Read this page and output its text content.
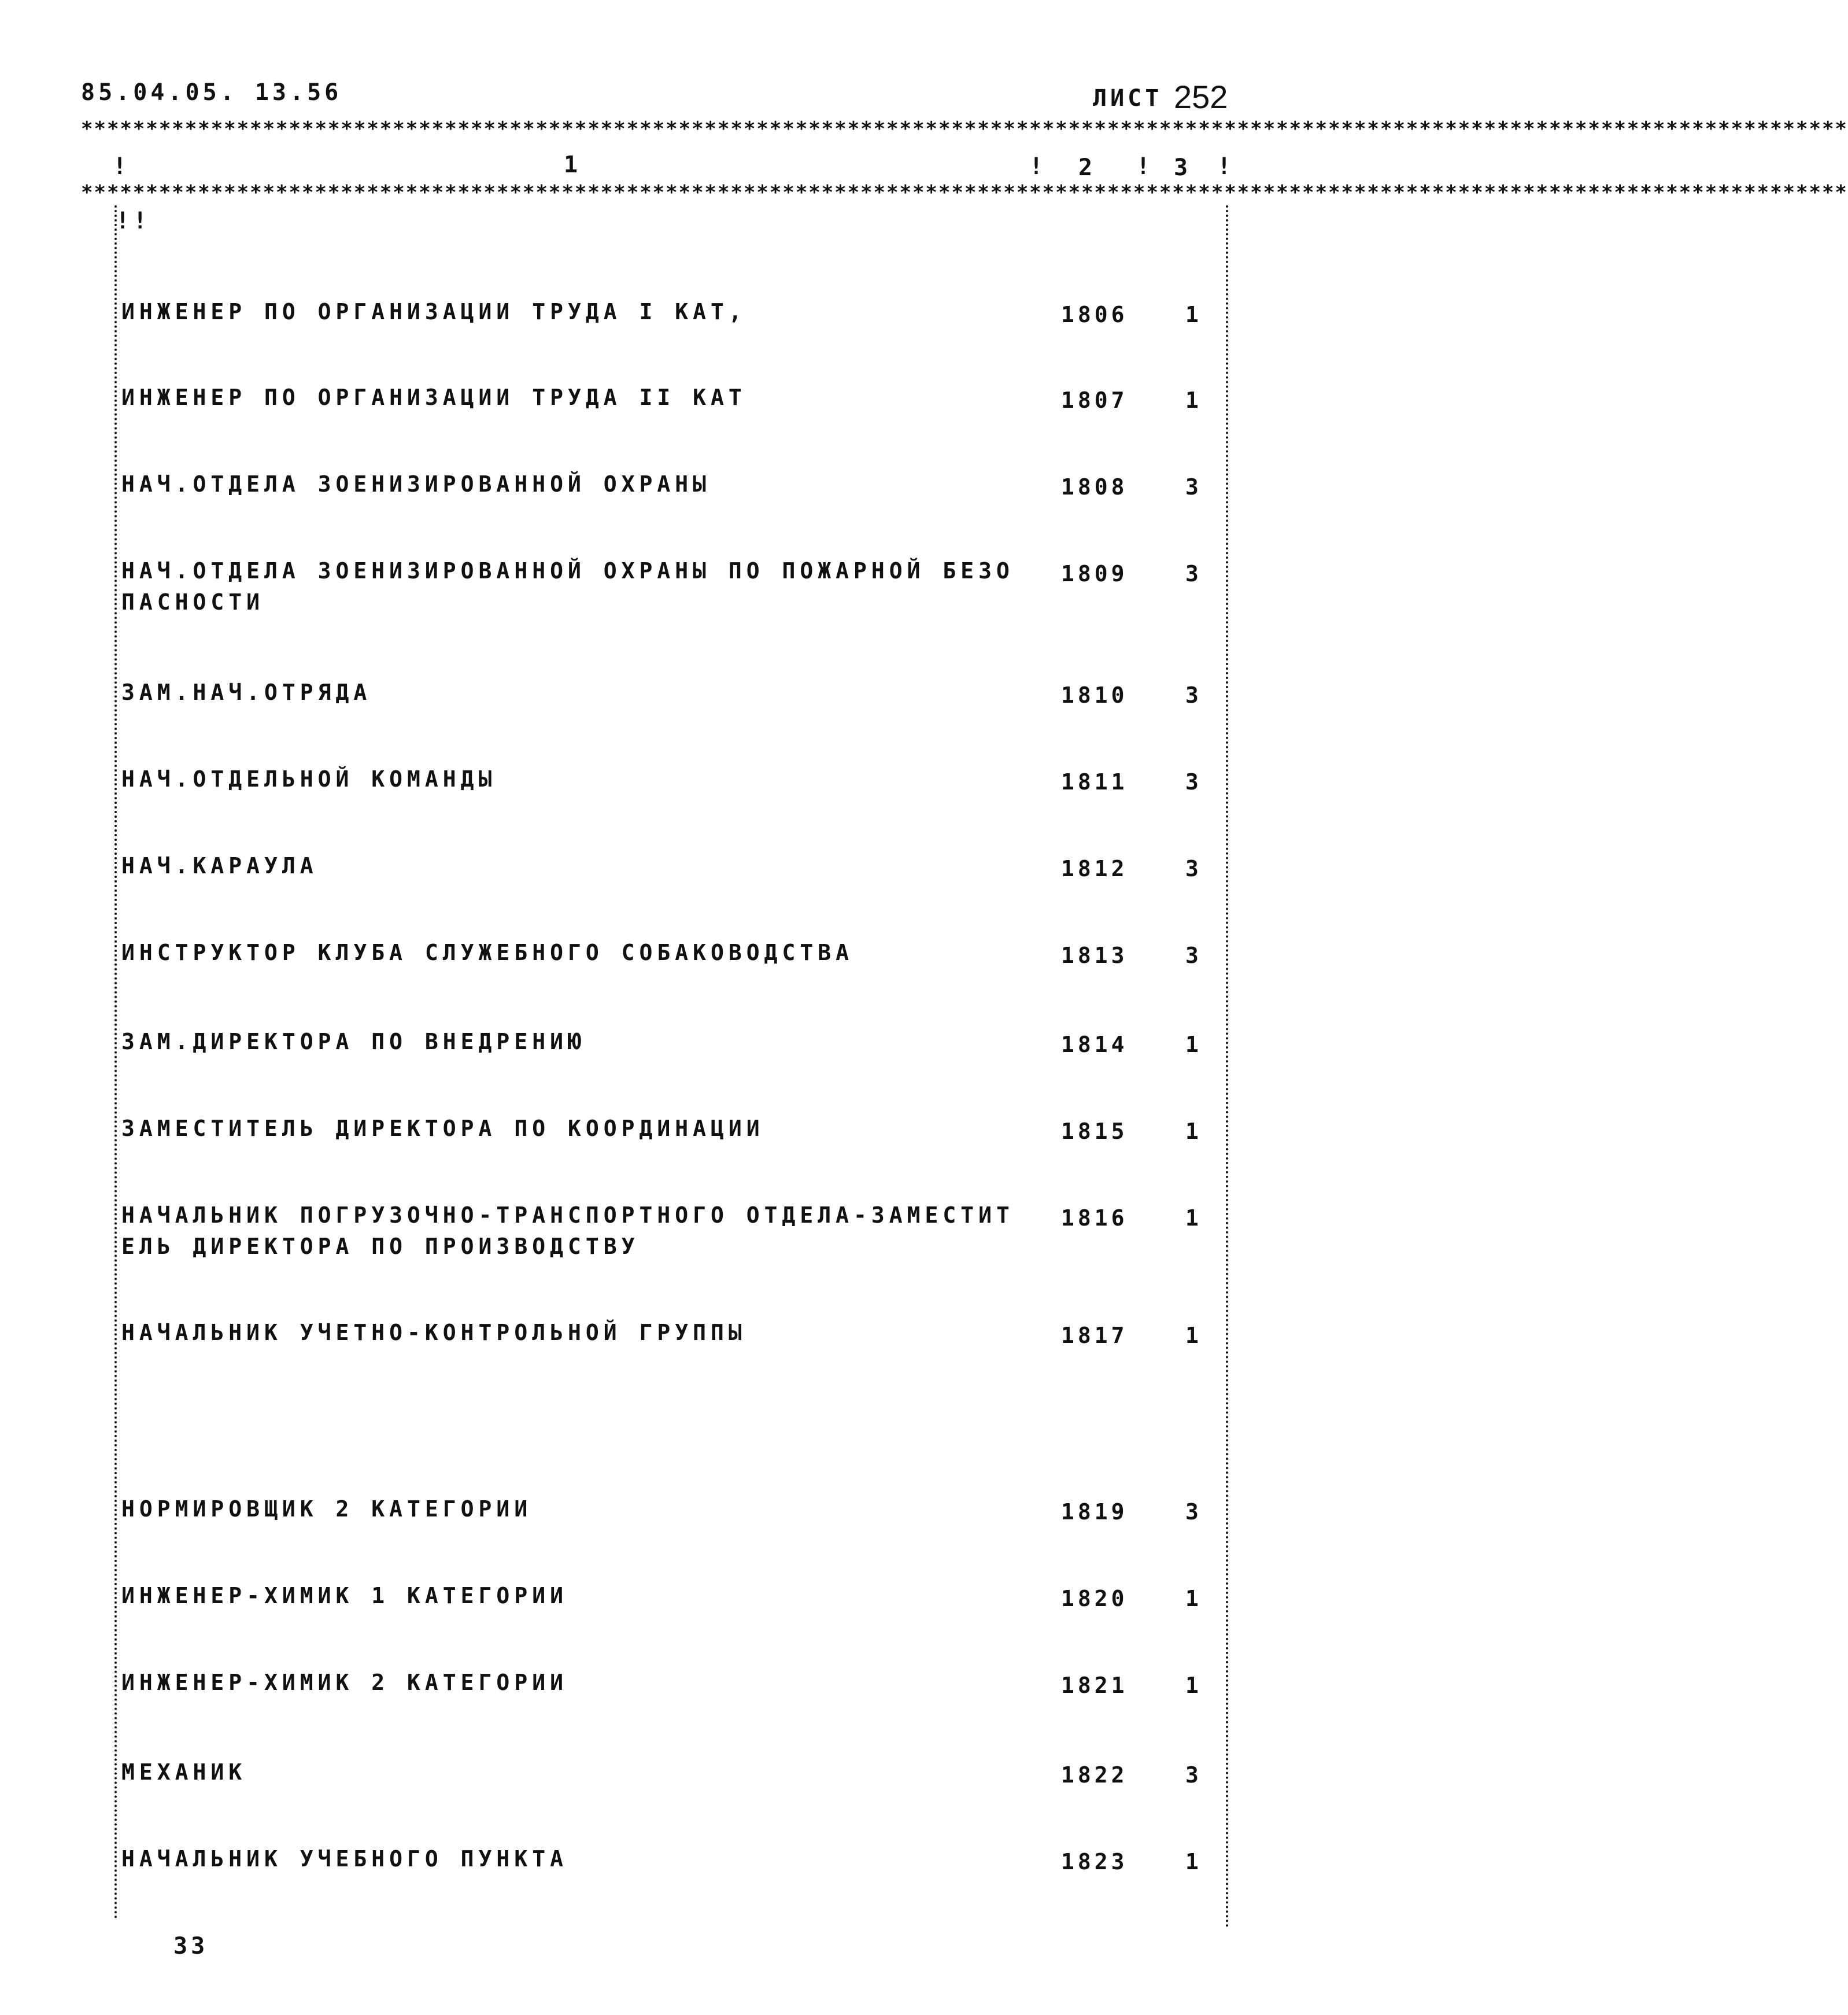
85.04.05. 13.56	ЛИСТ 252
****************************************************************************************************************************************
1	2	3
!	!	!	!
****************************************************************************************************************************************
!!
ИНЖЕНЕР ПО ОРГАНИЗАЦИИ ТРУДА I КАТ,	1806	1
ИНЖЕНЕР ПО ОРГАНИЗАЦИИ ТРУДА II КАТ	1807	1
НАЧ.ОТДЕЛА ЗОЕНИЗИРОВАННОЙ ОХРАНЫ	1808	3
НАЧ.ОТДЕЛА ЗОЕНИЗИРОВАННОЙ ОХРАНЫ ПО ПОЖАРНОЙ БЕЗО
ПАСНОСТИ
1809	3
ЗАМ.НАЧ.ОТРЯДА	1810	3
НАЧ.ОТДЕЛЬНОЙ КОМАНДЫ	1811	3
НАЧ.КАРАУЛА	1812	3
ИНСТРУКТОР КЛУБА СЛУЖЕБНОГО СОБАКОВОДСТВА	1813	3
ЗАМ.ДИРЕКТОРА ПО ВНЕДРЕНИЮ	1814	1
ЗАМЕСТИТЕЛЬ ДИРЕКТОРА ПО КООРДИНАЦИИ	1815	1
НАЧАЛЬНИК ПОГРУЗОЧНО-ТРАНСПОРТНОГО ОТДЕЛА-ЗАМЕСТИТ
ЕЛЬ ДИРЕКТОРА ПО ПРОИЗВОДСТВУ
1816	1
НАЧАЛЬНИК УЧЕТНО-КОНТРОЛЬНОЙ ГРУППЫ	1817	1
НОРМИРОВЩИК 2 КАТЕГОРИИ	1819	3
ИНЖЕНЕР-ХИМИК 1 КАТЕГОРИИ	1820	1
ИНЖЕНЕР-ХИМИК 2 КАТЕГОРИИ	1821	1
МЕХАНИК	1822	3
НАЧАЛЬНИК УЧЕБНОГО ПУНКТА	1823	1
33
